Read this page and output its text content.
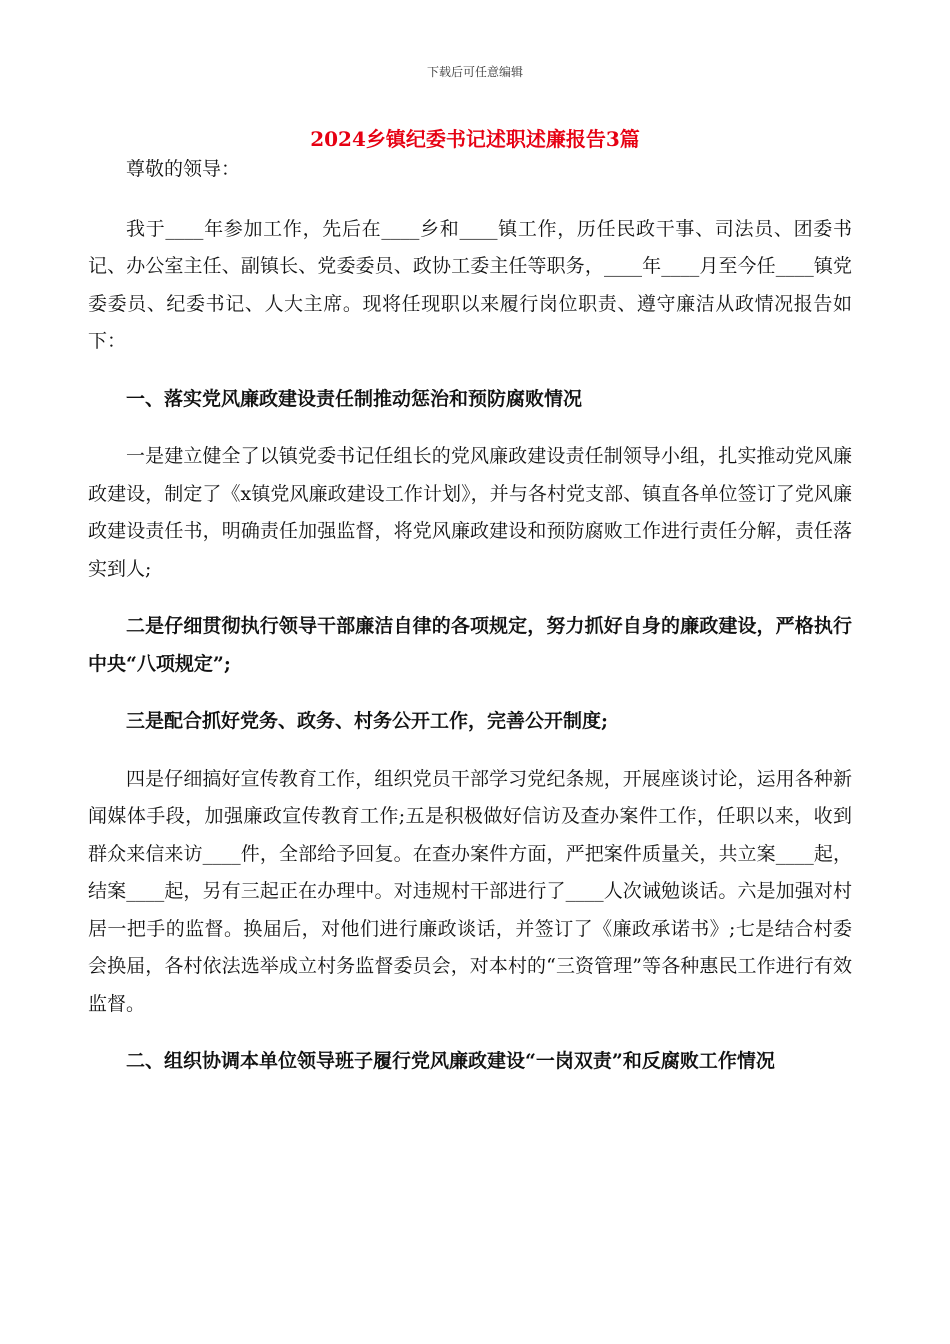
下载后可任意编辑
2024乡镇纪委书记述职述廉报告3篇

尊敬的领导：

我于____年参加工作，先后在____乡和____镇工作，历任民政干事、司法员、团委书记、办公室主任、副镇长、党委委员、政协工委主任等职务，____年____月至今任____镇党委委员、纪委书记、人大主席。现将任现职以来履行岗位职责、遵守廉洁从政情况报告如下：

一、落实党风廉政建设责任制推动惩治和预防腐败情况

一是建立健全了以镇党委书记任组长的党风廉政建设责任制领导小组，扎实推动党风廉政建设，制定了《x镇党风廉政建设工作计划》，并与各村党支部、镇直各单位签订了党风廉政建设责任书，明确责任加强监督，将党风廉政建设和预防腐败工作进行责任分解，责任落实到人;

二是仔细贯彻执行领导干部廉洁自律的各项规定，努力抓好自身的廉政建设，严格执行中央“八项规定”;

三是配合抓好党务、政务、村务公开工作，完善公开制度;

四是仔细搞好宣传教育工作，组织党员干部学习党纪条规，开展座谈讨论，运用各种新闻媒体手段，加强廉政宣传教育工作;五是积极做好信访及查办案件工作，任职以来，收到群众来信来访____件，全部给予回复。在查办案件方面，严把案件质量关，共立案____起，结案____起，另有三起正在办理中。对违规村干部进行了____人次诫勉谈话。六是加强对村居一把手的监督。换届后，对他们进行廉政谈话，并签订了《廉政承诺书》;七是结合村委会换届，各村依法选举成立村务监督委员会，对本村的“三资管理”等各种惠民工作进行有效监督。

二、组织协调本单位领导班子履行党风廉政建设“一岗双责”和反腐败工作情况
